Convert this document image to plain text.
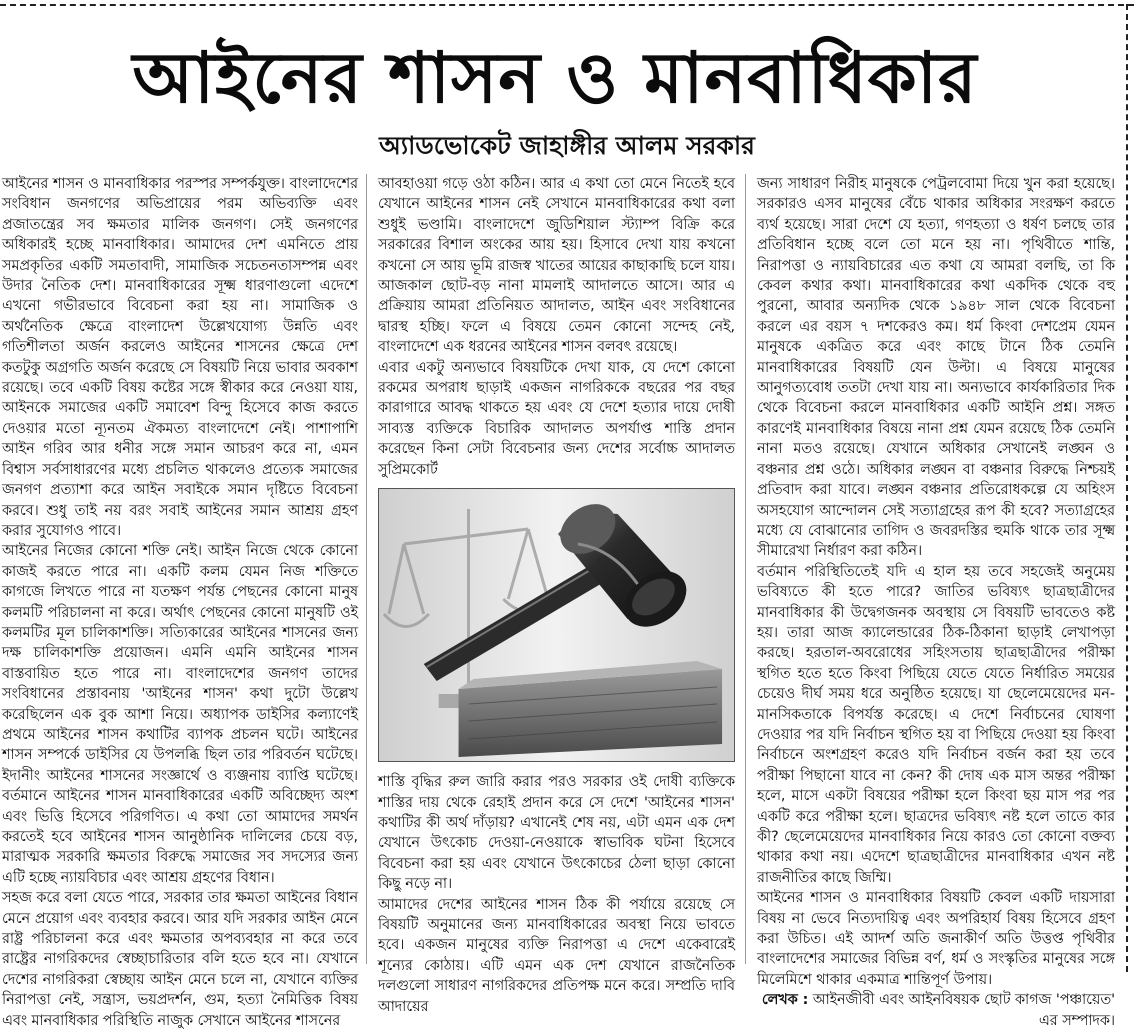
আইনের শাসন ও মানবাধিকার
অ্যাডভোকেট জাহাঙ্গীর আলম সরকার

আইনের শাসন ও মানবাধিকার পরস্পর সম্পর্কযুক্ত। বাংলাদেশের সংবিধান জনগণের অভিপ্রায়ের পরম অভিব্যক্তি এবং প্রজাতন্ত্রের সব ক্ষমতার মালিক জনগণ। সেই জনগণের অধিকারই হচ্ছে মানবাধিকার। আমাদের দেশ এমনিতে প্রায় সমপ্রকৃতির একটি সমতাবাদী, সামাজিক সচেতনতাসম্পন্ন এবং উদার নৈতিক দেশ। মানবাধিকারের সূক্ষ্ম ধারণাগুলো এদেশে এখনো গভীরভাবে বিবেচনা করা হয় না। সামাজিক ও অর্থনৈতিক ক্ষেত্রে বাংলাদেশ উল্লেখযোগ্য উন্নতি এবং গতিশীলতা অর্জন করলেও আইনের শাসনের ক্ষেত্রে দেশ কতটুকু অগ্রগতি অর্জন করেছে সে বিষয়টি নিয়ে ভাবার অবকাশ রয়েছে। তবে একটি বিষয় কষ্টের সঙ্গে স্বীকার করে নেওয়া যায়, আইনকে সমাজের একটি সমাবেশ বিন্দু হিসেবে কাজ করতে দেওয়ার মতো ন্যূনতম ঐকমত্য বাংলাদেশে নেই। পাশাপাশি আইন গরিব আর ধনীর সঙ্গে সমান আচরণ করে না, এমন বিশ্বাস সর্বসাধারণের মধ্যে প্রচলিত থাকলেও প্রত্যেক সমাজের জনগণ প্রত্যাশা করে আইন সবাইকে সমান দৃষ্টিতে বিবেচনা করবে। শুধু তাই নয় বরং সবাই আইনের সমান আশ্রয় গ্রহণ করার সুযোগও পাবে।

আইনের নিজের কোনো শক্তি নেই। আইন নিজে থেকে কোনো কাজই করতে পারে না। একটি কলম যেমন নিজ শক্তিতে কাগজে লিখতে পারে না যতক্ষণ পর্যন্ত পেছনের কোনো মানুষ কলমটি পরিচালনা না করে। অর্থাৎ পেছনের কোনো মানুষটি ওই কলমটির মূল চালিকাশক্তি। সত্যিকারের আইনের শাসনের জন্য দক্ষ চালিকাশক্তি প্রয়োজন। এমনি এমনি আইনের শাসন বাস্তবায়িত হতে পারে না। বাংলাদেশের জনগণ তাদের সংবিধানের প্রস্তাবনায় 'আইনের শাসন' কথা দুটো উল্লেখ করেছিলেন এক বুক আশা নিয়ে। অধ্যাপক ডাইসির কল্যাণেই প্রথমে আইনের শাসন কথাটির ব্যাপক প্রচলন ঘটে। আইনের শাসন সম্পর্কে ডাইসির যে উপলব্ধি ছিল তার পরিবর্তন ঘটেছে। ইদানীং আইনের শাসনের সংজ্ঞার্থে ও ব্যঞ্জনায় ব্যাপ্তি ঘটেছে। বর্তমানে আইনের শাসন মানবাধিকারের একটি অবিচ্ছেদ্য অংশ এবং ভিত্তি হিসেবে পরিগণিত। এ কথা তো আমাদের সমর্থন করতেই হবে আইনের শাসন আনুষ্ঠানিক দালিলের চেয়ে বড়, মারাত্মক সরকারি ক্ষমতার বিরুদ্ধে সমাজের সব সদস্যের জন্য এটি হচ্ছে ন্যায়বিচার এবং আশ্রয় গ্রহণের বিধান।

সহজ করে বলা যেতে পারে, সরকার তার ক্ষমতা আইনের বিধান মেনে প্রয়োগ এবং ব্যবহার করবে। আর যদি সরকার আইন মেনে রাষ্ট্র পরিচালনা করে এবং ক্ষমতার অপব্যবহার না করে তবে রাষ্ট্রের নাগরিকদের স্বেচ্ছাচারিতার বলি হতে হবে না। যেখানে দেশের নাগরিকরা স্বেচ্ছায় আইন মেনে চলে না, যেখানে ব্যক্তির নিরাপত্তা নেই, সন্ত্রাস, ভয়প্রদর্শন, গুম, হত্যা নৈমিত্তিক বিষয় এবং মানবাধিকার পরিস্থিতি নাজুক সেখানে আইনের শাসনের

আবহাওয়া গড়ে ওঠা কঠিন। আর এ কথা তো মেনে নিতেই হবে যেখানে আইনের শাসন নেই সেখানে মানবাধিকারের কথা বলা শুধুই ভণ্ডামি। বাংলাদেশে জুডিশিয়াল স্ট্যাম্প বিক্রি করে সরকারের বিশাল অংকের আয় হয়। হিসাবে দেখা যায় কখনো কখনো সে আয় ভূমি রাজস্ব খাতের আয়ের কাছাকাছি চলে যায়। আজকাল ছোট-বড় নানা মামলাই আদালতে আসে। আর এ প্রক্রিয়ায় আমরা প্রতিনিয়ত আদালত, আইন এবং সংবিধানের দ্বারস্থ হচ্ছি। ফলে এ বিষয়ে তেমন কোনো সন্দেহ নেই, বাংলাদেশে এক ধরনের আইনের শাসন বলবৎ রয়েছে।

এবার একটু অন্যভাবে বিষয়টিকে দেখা যাক, যে দেশে কোনো রকমের অপরাধ ছাড়াই একজন নাগরিককে বছরের পর বছর কারাগারে আবদ্ধ থাকতে হয় এবং যে দেশে হত্যার দায়ে দোষী সাব্যস্ত ব্যক্তিকে বিচারিক আদালত অপর্যাপ্ত শাস্তি প্রদান করেছেন কিনা সেটা বিবেচনার জন্য দেশের সর্বোচ্চ আদালত সুপ্রিমকোর্ট

শাস্তি বৃদ্ধির রুল জারি করার পরও সরকার ওই দোষী ব্যক্তিকে শাস্তির দায় থেকে রেহাই প্রদান করে সে দেশে 'আইনের শাসন' কথাটির কী অর্থ দাঁড়ায়? এখানেই শেষ নয়, এটা এমন এক দেশ যেখানে উৎকোচ দেওয়া-নেওয়াকে স্বাভাবিক ঘটনা হিসেবে বিবেচনা করা হয় এবং যেখানে উৎকোচের ঠেলা ছাড়া কোনো কিছু নড়ে না।

আমাদের দেশের আইনের শাসন ঠিক কী পর্যায়ে রয়েছে সে বিষয়টি অনুমানের জন্য মানবাধিকারের অবস্থা নিয়ে ভাবতে হবে। একজন মানুষের ব্যক্তি নিরাপত্তা এ দেশে একেবারেই শূন্যের কোঠায়। এটি এমন এক দেশ যেখানে রাজনৈতিক দলগুলো সাধারণ নাগরিকদের প্রতিপক্ষ মনে করে। সম্প্রতি দাবি আদায়ের

জন্য সাধারণ নিরীহ মানুষকে পেট্রলবোমা দিয়ে খুন করা হয়েছে। সরকারও এসব মানুষের বেঁচে থাকার অধিকার সংরক্ষণ করতে ব্যর্থ হয়েছে। সারা দেশে যে হত্যা, গণহত্যা ও ধর্ষণ চলছে তার প্রতিবিধান হচ্ছে বলে তো মনে হয় না। পৃথিবীতে শান্তি, নিরাপত্তা ও ন্যায়বিচারের এত কথা যে আমরা বলছি, তা কি কেবল কথার কথা। মানবাধিকারের কথা একদিক থেকে বহু পুরনো, আবার অন্যদিক থেকে ১৯৪৮ সাল থেকে বিবেচনা করলে এর বয়স ৭ দশকেরও কম। ধর্ম কিংবা দেশপ্রেম যেমন মানুষকে একত্রিত করে এবং কাছে টানে ঠিক তেমনি মানবাধিকারের বিষয়টি যেন উল্টা। এ বিষয়ে মানুষের আনুগত্যবোধ ততটা দেখা যায় না। অন্যভাবে কার্যকারিতার দিক থেকে বিবেচনা করলে মানবাধিকার একটি আইনি প্রশ্ন। সঙ্গত কারণেই মানবাধিকার বিষয়ে নানা প্রশ্ন যেমন রয়েছে ঠিক তেমনি নানা মতও রয়েছে। যেখানে অধিকার সেখানেই লঙ্ঘন ও বঞ্চনার প্রশ্ন ওঠে। অধিকার লঙ্ঘন বা বঞ্চনার বিরুদ্ধে নিশ্চয়ই প্রতিবাদ করা যাবে। লঙ্ঘন বঞ্চনার প্রতিরোধকল্পে যে অহিংস অসহযোগ আন্দোলন সেই সত্যাগ্রহের রূপ কী হবে? সত্যাগ্রহের মধ্যে যে বোঝানোর তাগিদ ও জবরদস্তির হুমকি থাকে তার সূক্ষ্ম সীমারেখা নির্ধারণ করা কঠিন।

বর্তমান পরিস্থিতিতেই যদি এ হাল হয় তবে সহজেই অনুমেয় ভবিষ্যতে কী হতে পারে? জাতির ভবিষ্যৎ ছাত্রছাত্রীদের মানবাধিকার কী উদ্বেগজনক অবস্থায় সে বিষয়টি ভাবতেও কষ্ট হয়। তারা আজ ক্যালেন্ডারের ঠিক-ঠিকানা ছাড়াই লেখাপড়া করছে। হরতাল-অবরোধের সহিংসতায় ছাত্রছাত্রীদের পরীক্ষা স্থগিত হতে হতে কিংবা পিছিয়ে যেতে যেতে নির্ধারিত সময়ের চেয়েও দীর্ঘ সময় ধরে অনুষ্ঠিত হয়েছে। যা ছেলেমেয়েদের মন-মানসিকতাকে বিপর্যস্ত করেছে। এ দেশে নির্বাচনের ঘোষণা দেওয়ার পর যদি নির্বাচন স্থগিত হয় বা পিছিয়ে দেওয়া হয় কিংবা নির্বাচনে অংশগ্রহণ করেও যদি নির্বাচন বর্জন করা হয় তবে পরীক্ষা পিছানো যাবে না কেন? কী দোষ এক মাস অন্তর পরীক্ষা হলে, মাসে একটা বিষয়ের পরীক্ষা হলে কিংবা ছয় মাস পর পর একটি করে পরীক্ষা হলে। ছাত্রদের ভবিষ্যৎ নষ্ট হলে তাতে কার কী? ছেলেমেয়েদের মানবাধিকার নিয়ে কারও তো কোনো বক্তব্য থাকার কথা নয়। এদেশে ছাত্রছাত্রীদের মানবাধিকার এখন নষ্ট রাজনীতির কাছে জিম্মি।

আইনের শাসন ও মানবাধিকার বিষয়টি কেবল একটি দায়সারা বিষয় না ভেবে নিত্যদায়িত্ব এবং অপরিহার্য বিষয় হিসেবে গ্রহণ করা উচিত। এই আদর্শ অতি জনাকীর্ণ অতি উত্তপ্ত পৃথিবীর বাংলাদেশের সমাজের বিভিন্ন বর্ণ, ধর্ম ও সংস্কৃতির মানুষের সঙ্গে মিলেমিশে থাকার একমাত্র শান্তিপূর্ণ উপায়।

লেখক : আইনজীবী এবং আইনবিষয়ক ছোট কাগজ 'পঞ্চায়েত' এর সম্পাদক।
